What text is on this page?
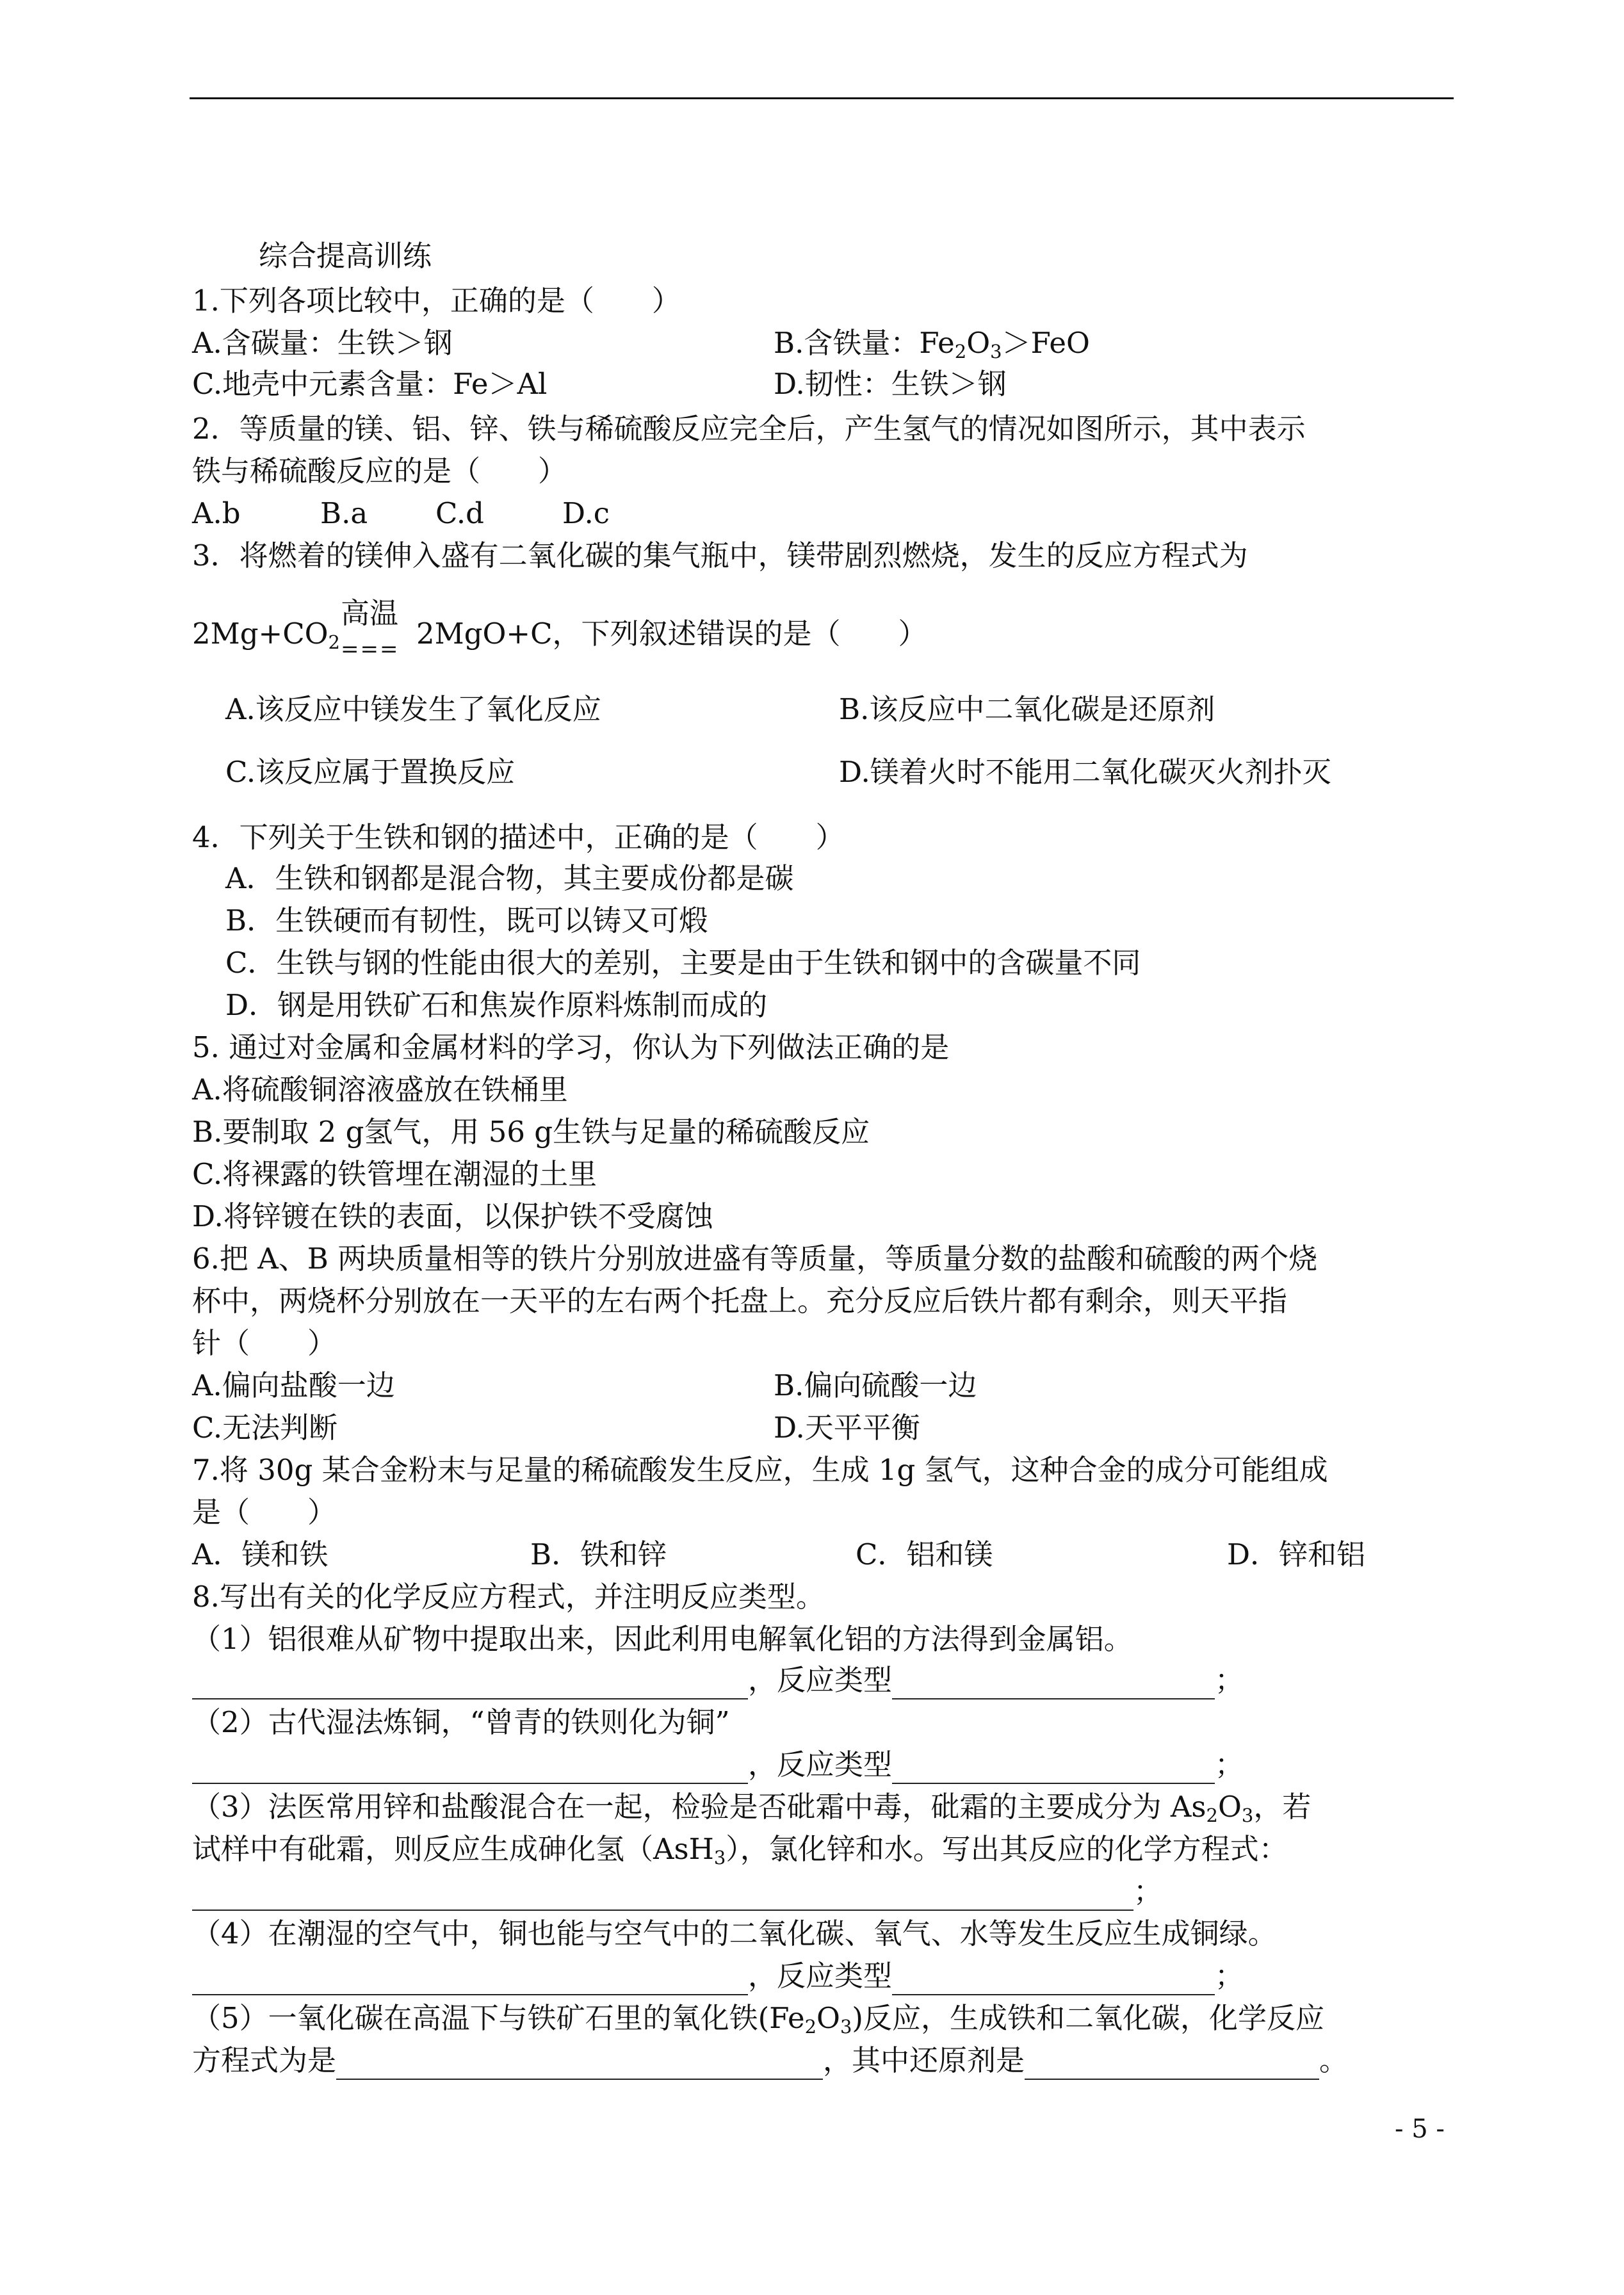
综合提高训练
1.下列各项比较中，正确的是（　　）
A.含碳量：生铁＞钢	B.含铁量：$Fe_2O_3>FeO$
C.地壳中元素含量：Fe＞Al	D.韧性：生铁＞钢
2．等质量的镁、铝、锌、铁与稀硫酸反应完全后，产生氢气的情况如图所示，其中表示
铁与稀硫酸反应的是（　　）
A.b	B.a C.d	D.c
3．将燃着的镁伸入盛有二氧化碳的集气瓶中，镁带剧烈燃烧，发生的反应方程式为
$2Mg+CO_2$
高温
=== 2MgO+C，下列叙述错误的是（　　）
A.该反应中镁发生了氧化反应	B.该反应中二氧化碳是还原剂
C.该反应属于置换反应	D.镁着火时不能用二氧化碳灭火剂扑灭
4．下列关于生铁和钢的描述中，正确的是（　　）
A．生铁和钢都是混合物，其主要成份都是碳
B．生铁硬而有韧性，既可以铸又可煅
C．生铁与钢的性能由很大的差别，主要是由于生铁和钢中的含碳量不同
D．钢是用铁矿石和焦炭作原料炼制而成的
5. 通过对金属和金属材料的学习，你认为下列做法正确的是
A.将硫酸铜溶液盛放在铁桶里
B.要制取 2 g氢气，用 56 g生铁与足量的稀硫酸反应
C.将裸露的铁管埋在潮湿的土里
D.将锌镀在铁的表面，以保护铁不受腐蚀
6.把 A、B 两块质量相等的铁片分别放进盛有等质量，等质量分数的盐酸和硫酸的两个烧
杯中，两烧杯分别放在一天平的左右两个托盘上。充分反应后铁片都有剩余，则天平指
针（　　）
A.偏向盐酸一边	B.偏向硫酸一边
C.无法判断	D.天平平衡
7.将 30g 某合金粉末与足量的稀硫酸发生反应，生成 1g 氢气，这种合金的成分可能组成
是（　　）
A．镁和铁	B．铁和锌	C．铝和镁	D．锌和铝
8.写出有关的化学反应方程式，并注明反应类型。
（1）铝很难从矿物中提取出来，因此利用电解氧化铝的方法得到金属铝。
，反应类型	；
（2）古代湿法炼铜，“曾青的铁则化为铜”
，反应类型	；
（3）法医常用锌和盐酸混合在一起，检验是否砒霜中毒，砒霜的主要成分为 $As_2O_3$，若
试样中有砒霜，则反应生成砷化氢（AsH$_3$），氯化锌和水。写出其反应的化学方程式：
；
（4）在潮湿的空气中，铜也能与空气中的二氧化碳、氧气、水等发生反应生成铜绿。
，反应类型	；
（5）一氧化碳在高温下与铁矿石里的氧化铁$(Fe_2O_3)$反应，生成铁和二氧化碳，化学反应
方程式为是	，其中还原剂是	。
- 5 -
